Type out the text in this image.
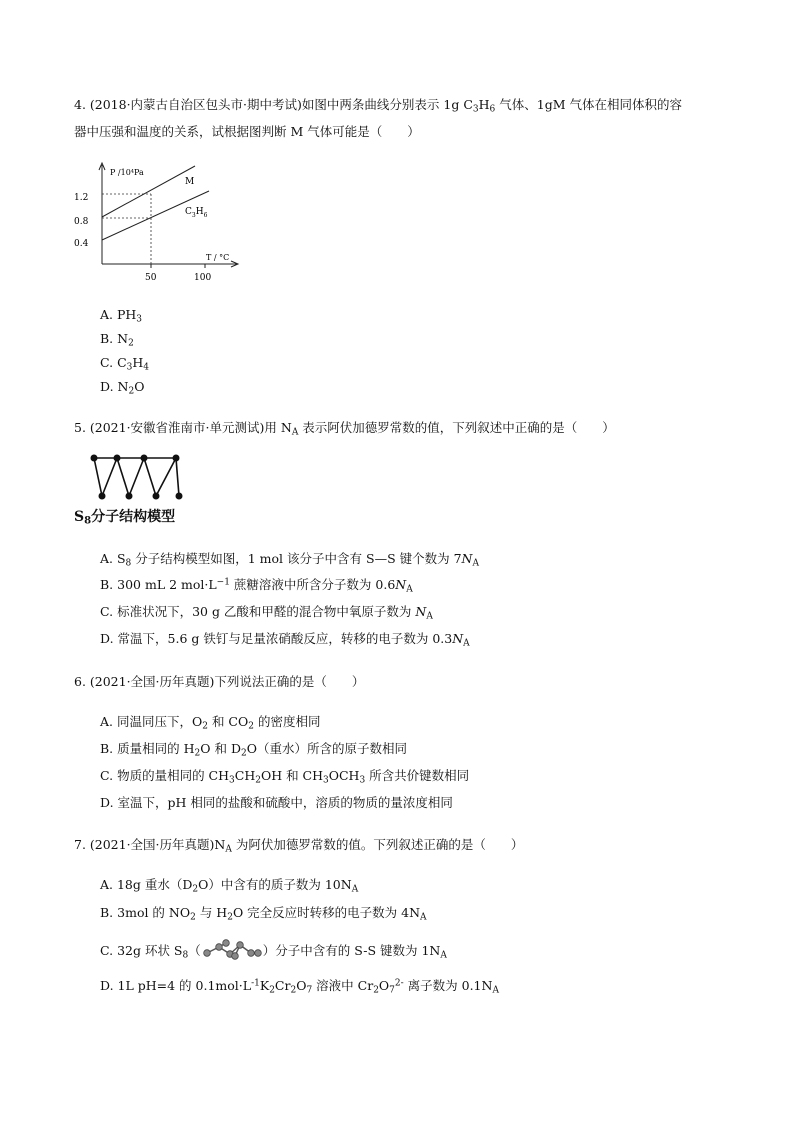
4. (2018·内蒙古自治区包头市·期中考试)如图中两条曲线分别表示 1g $C_3H_6$ 气体、1gM 气体在相同体积的容
器中压强和温度的关系，试根据图判断 M 气体可能是（　　）
P /10⁴Pa
T / °C
1.2
0.8
0.4
50	100
M
$C_3H_6$
A. $PH_3$
B. $N_2$
C. $C_3H_4$
D. $N_2O$
5. (2021·安徽省淮南市·单元测试)用 $N_A$ 表示阿伏加德罗常数的值，下列叙述中正确的是（　　）
$S_8$分子结构模型
A. $S_8$ 分子结构模型如图，1 mol 该分子中含有 S—S 键个数为 $7N_A$
B. 300 mL 2 $mol\cdot L^{-1}$ 蔗糖溶液中所含分子数为 $0.6N_A$
C. 标准状况下，30 g 乙酸和甲醛的混合物中氧原子数为 $N_A$
D. 常温下，5.6 g 铁钉与足量浓硝酸反应，转移的电子数为 $0.3N_A$
6. (2021·全国·历年真题)下列说法正确的是（　　）
A. 同温同压下，$O_2$ 和 $CO_2$ 的密度相同
B. 质量相同的 $H_2O$ 和 $D_2O$（重水）所含的原子数相同
C. 物质的量相同的 $CH_3CH_2OH$ 和 $CH_3OCH_3$ 所含共价键数相同
D. 室温下，pH 相同的盐酸和硫酸中，溶质的物质的量浓度相同
7. (2021·全国·历年真题)$N_A$ 为阿伏加德罗常数的值。下列叙述正确的是（　　）
A. 18g 重水$(D_2O)$中含有的质子数为 $10N_A$
B. 3mol 的 $NO_2$ 与 $H_2O$ 完全反应时转移的电子数为 $4N_A$
C. 32g 环状 $S_8$（	）分子中含有的 S-S 键数为 $1N_A$
D. 1L pH=4 的 $0.1mol\cdot L^{-1}K_2Cr_2O_7$ 溶液中 $Cr_2O_7^{2-}$ 离子数为 $0.1N_A$
